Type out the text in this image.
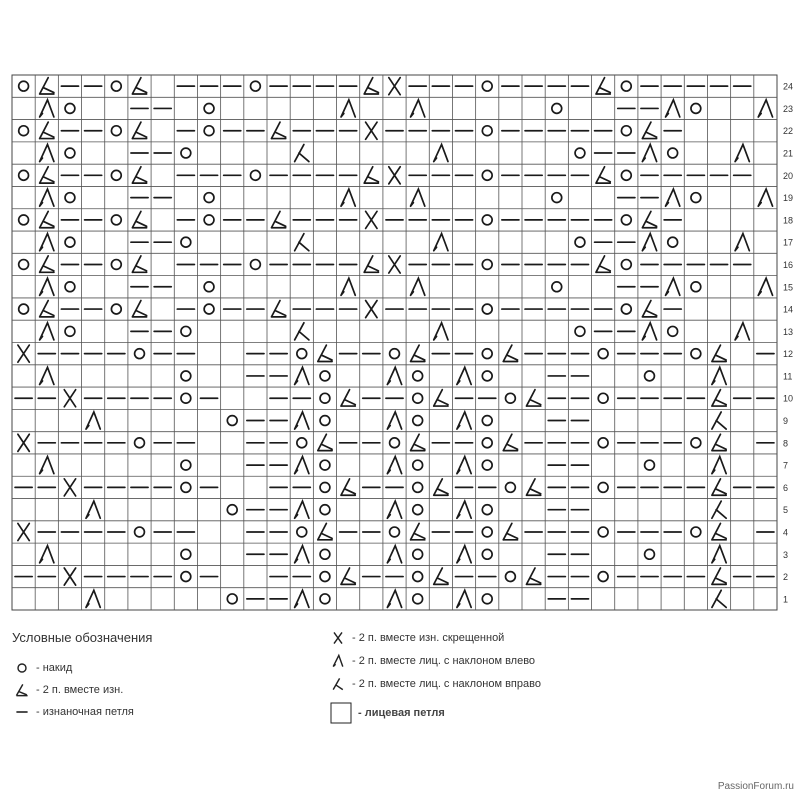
24
23
22
21
20
19
18
17
16
15
14
13
12
11
10
9
8
7
6
5
4
3
2
1
Условные обозначения
- накид
- 2 п. вместе изн.
- изнаночная петля
- 2 п. вместе изн. скрещенной
- 2 п. вместе лиц. с наклоном влево
- 2 п. вместе лиц. с наклоном вправо
- лицевая петля
PassionForum.ru
